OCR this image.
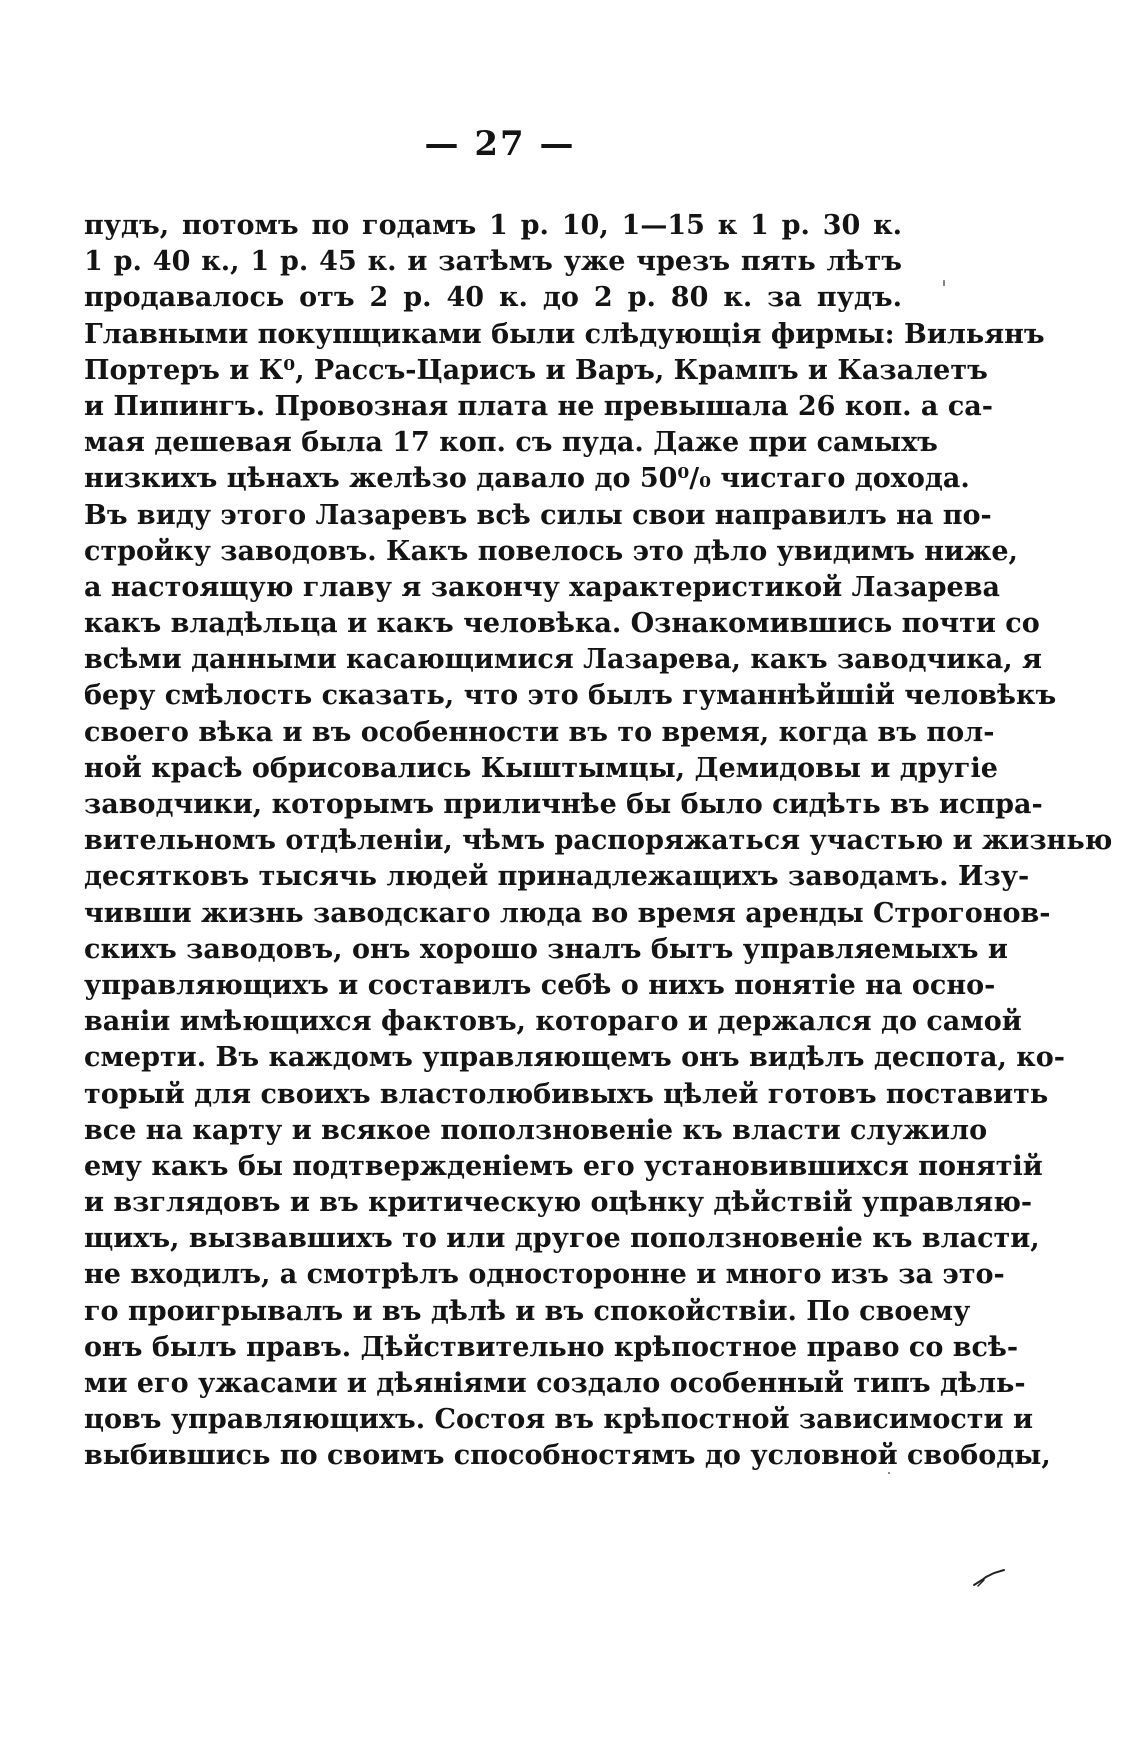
— 27 —
пудъ, потомъ по годамъ 1 р. 10, 1—15 к 1 р. 30 к.
1 р. 40 к., 1 р. 45 к. и затѣмъ уже чрезъ пять лѣтъ
продавалось отъ 2 р. 40 к. до 2 р. 80 к. за пудъ.
Главными покупщиками были слѣдующія фирмы: Вильянъ
Портеръ и К⁰, Рассъ-Царисъ и Варъ, Крампъ и Казалетъ
и Пипингъ. Провозная плата не превышала 26 коп. а са-
мая дешевая была 17 коп. съ пуда. Даже при самыхъ
низкихъ цѣнахъ желѣзо давало до 50⁰/₀ чистаго дохода.
Въ виду этого Лазаревъ всѣ силы свои направилъ на по-
стройку заводовъ. Какъ повелось это дѣло увидимъ ниже,
а настоящую главу я закончу характеристикой Лазарева
какъ владѣльца и какъ человѣка. Ознакомившись почти со
всѣми данными касающимися Лазарева, какъ заводчика, я
беру смѣлость сказать, что это былъ гуманнѣйшій человѣкъ
своего вѣка и въ особенности въ то время, когда въ пол-
ной красѣ обрисовались Кыштымцы, Демидовы и другіе
заводчики, которымъ приличнѣе бы было сидѣть въ испра-
вительномъ отдѣленіи, чѣмъ распоряжаться участью и жизнью
десятковъ тысячь людей принадлежащихъ заводамъ. Изу-
чивши жизнь заводскаго люда во время аренды Строгонов-
скихъ заводовъ, онъ хорошо зналъ бытъ управляемыхъ и
управляющихъ и составилъ себѣ о нихъ понятіе на осно-
ваніи имѣющихся фактовъ, котораго и держался до самой
смерти. Въ каждомъ управляющемъ онъ видѣлъ деспота, ко-
торый для своихъ властолюбивыхъ цѣлей готовъ поставить
все на карту и всякое поползновеніе къ власти служило
ему какъ бы подтвержденіемъ его установившихся понятій
и взглядовъ и въ критическую оцѣнку дѣйствій управляю-
щихъ, вызвавшихъ то или другое поползновеніе къ власти,
не входилъ, а смотрѣлъ односторонне и много изъ за это-
го проигрывалъ и въ дѣлѣ и въ спокойствіи. По своему
онъ былъ правъ. Дѣйствительно крѣпостное право со всѣ-
ми его ужасами и дѣяніями создало особенный типъ дѣль-
цовъ управляющихъ. Состоя въ крѣпостной зависимости и
выбившись по своимъ способностямъ до условной свободы,
